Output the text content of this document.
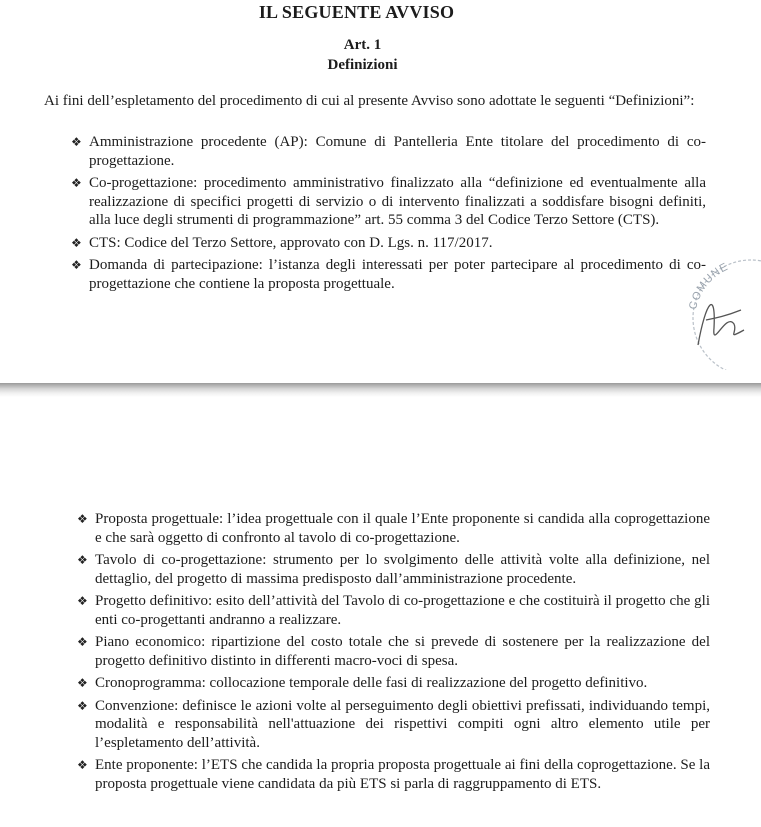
IL SEGUENTE AVVISO
Art. 1
Definizioni

Ai fini dell’espletamento del procedimento di cui al presente Avviso sono adottate le seguenti “Definizioni”:

❖ Amministrazione procedente (AP): Comune di Pantelleria Ente titolare del procedimento di co- progettazione.
❖ Co-progettazione: procedimento amministrativo finalizzato alla “definizione ed eventualmente alla realizzazione di specifici progetti di servizio o di intervento finalizzati a soddisfare bisogni definiti, alla luce degli strumenti di programmazione” art. 55 comma 3 del Codice Terzo Settore (CTS).
❖ CTS: Codice del Terzo Settore, approvato con D. Lgs. n. 117/2017.
❖ Domanda di partecipazione: l’istanza degli interessati per poter partecipare al procedimento di co-progettazione che contiene la proposta progettuale.
COMUNE
❖ Proposta progettuale: l’idea progettuale con il quale l’Ente proponente si candida alla coprogettazione e che sarà oggetto di confronto al tavolo di co-progettazione.
❖ Tavolo di co-progettazione: strumento per lo svolgimento delle attività volte alla definizione, nel dettaglio, del progetto di massima predisposto dall’amministrazione procedente.
❖ Progetto definitivo: esito dell’attività del Tavolo di co-progettazione e che costituirà il progetto che gli enti co-progettanti andranno a realizzare.
❖ Piano economico: ripartizione del costo totale che si prevede di sostenere per la realizzazione del progetto definitivo distinto in differenti macro-voci di spesa.
❖ Cronoprogramma: collocazione temporale delle fasi di realizzazione del progetto definitivo.
❖ Convenzione: definisce le azioni volte al perseguimento degli obiettivi prefissati, individuando tempi, modalità e responsabilità nell'attuazione dei rispettivi compiti ogni altro elemento utile per l’espletamento dell’attività.
❖ Ente proponente: l’ETS che candida la propria proposta progettuale ai fini della coprogettazione. Se la proposta progettuale viene candidata da più ETS si parla di raggruppamento di ETS.
